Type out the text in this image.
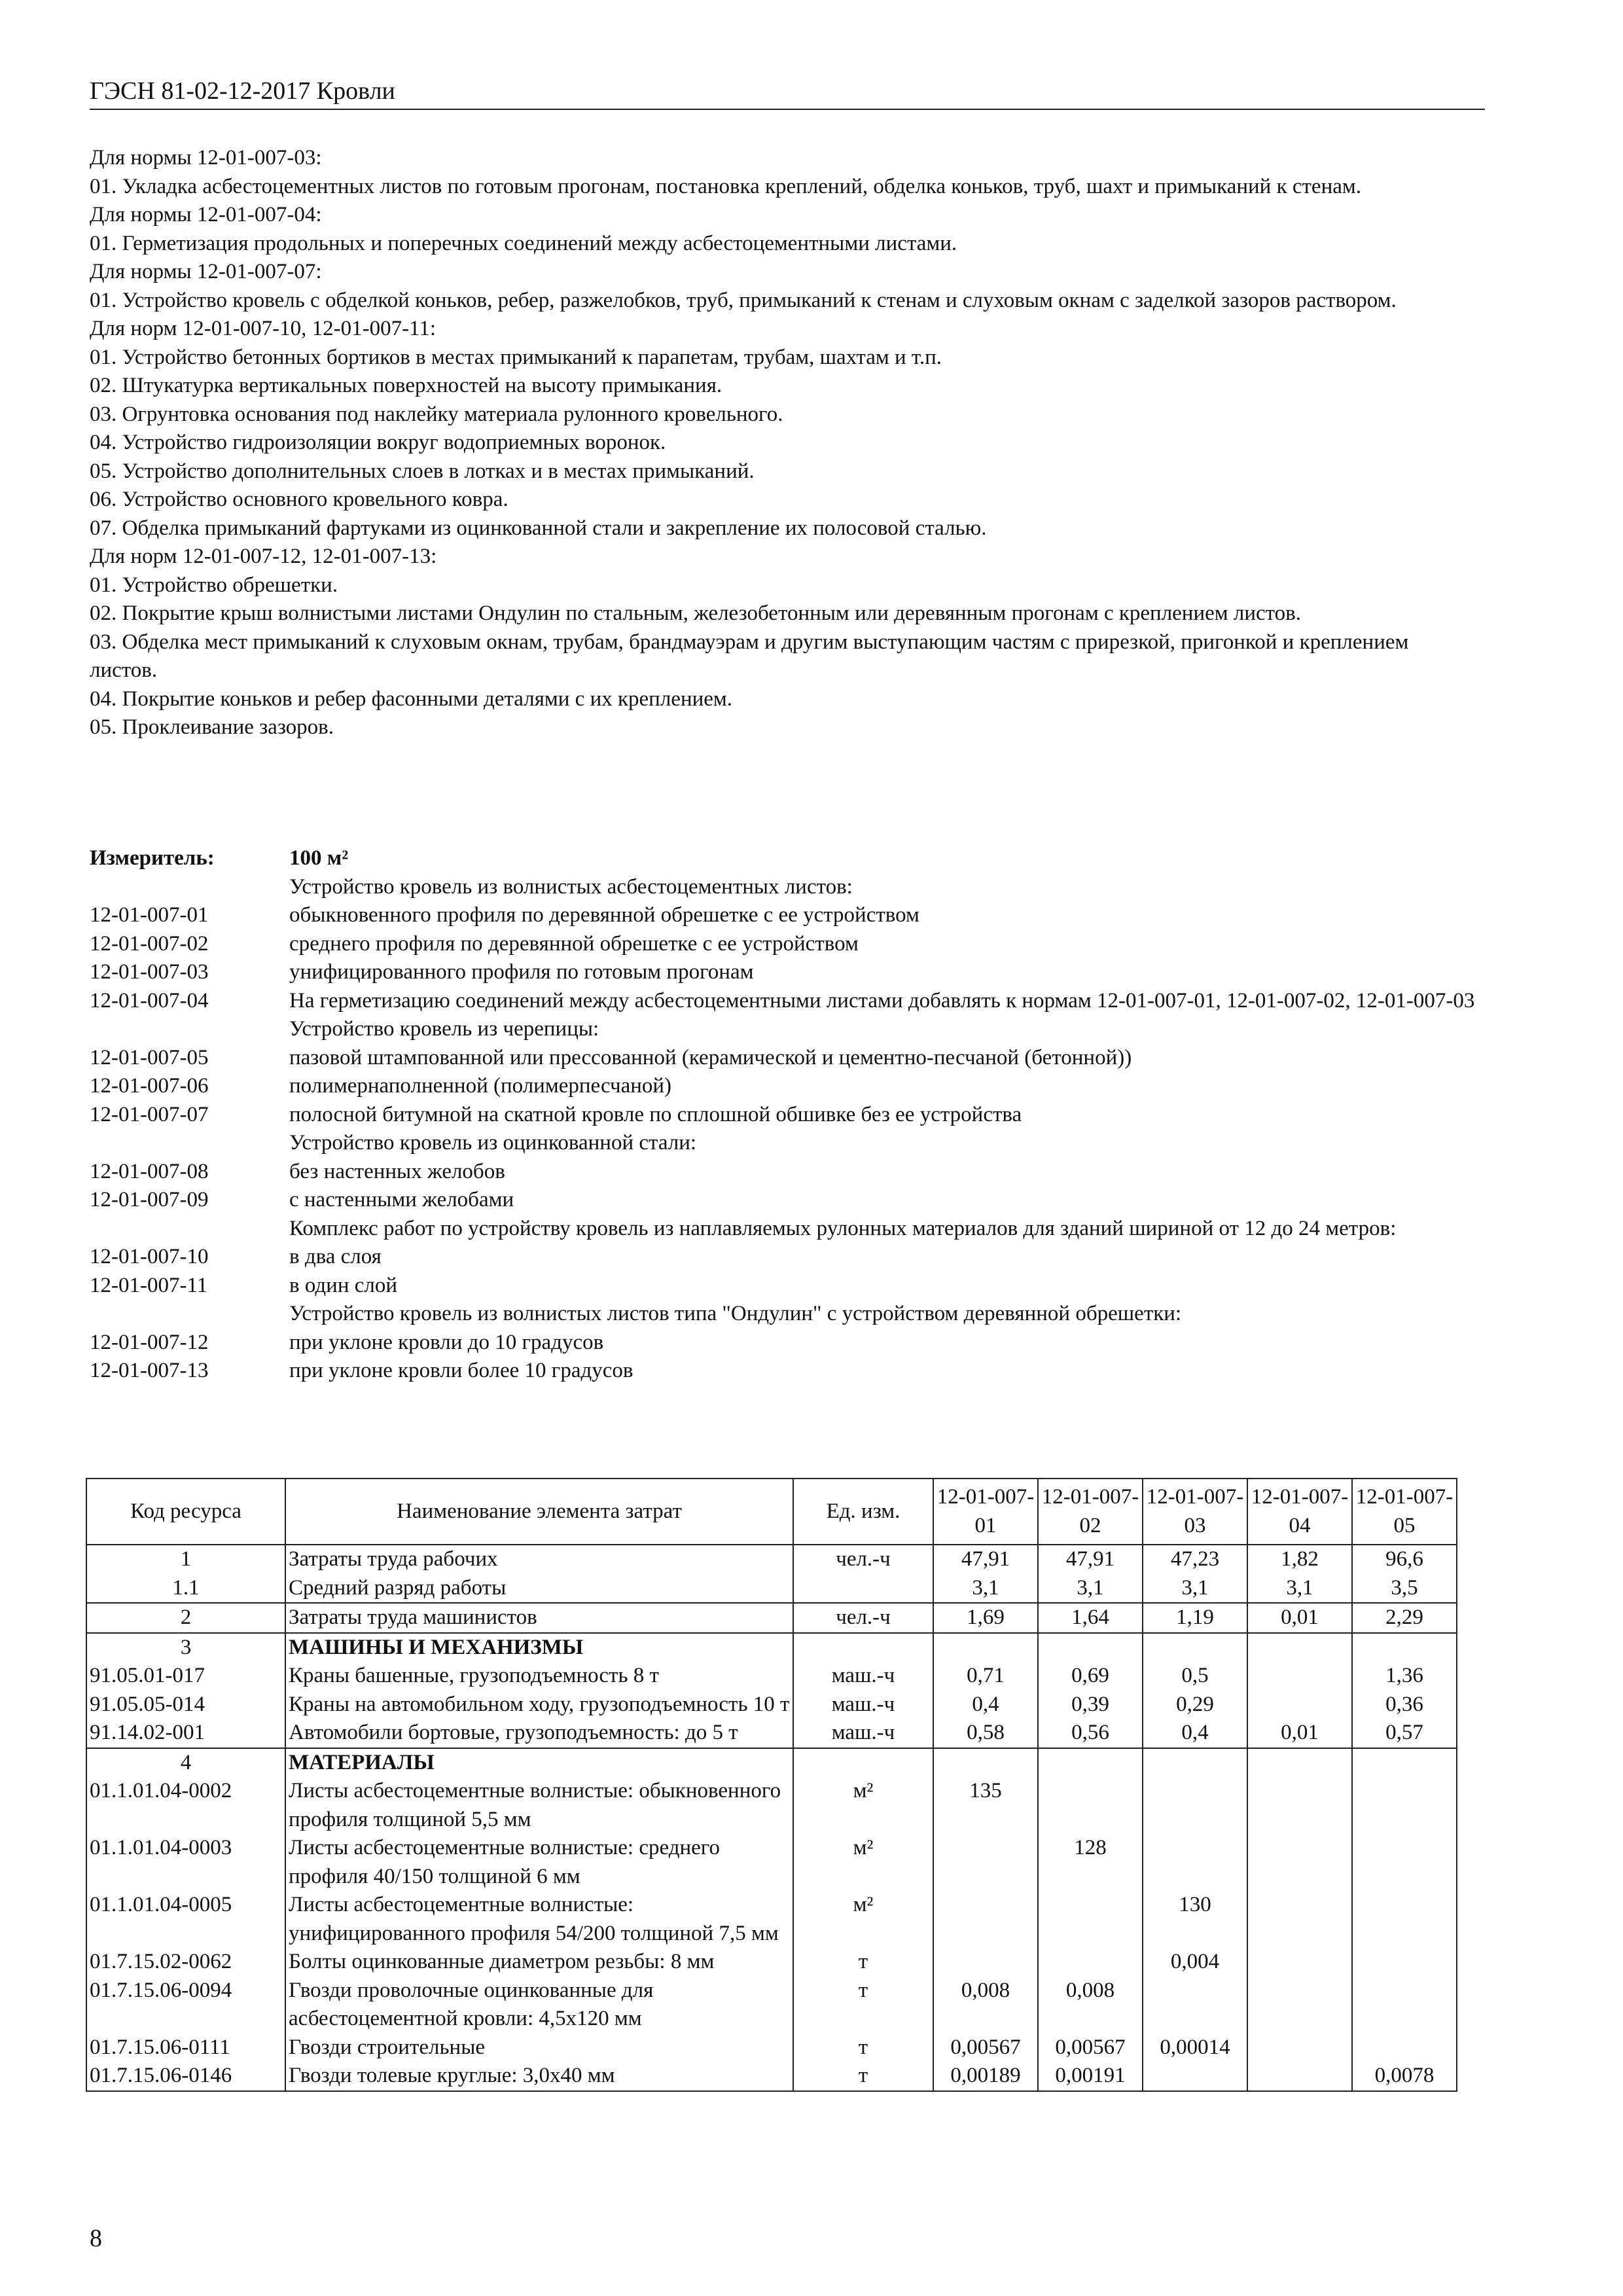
ГЭСН 81-02-12-2017 Кровли
Для нормы 12-01-007-03:
01. Укладка асбестоцементных листов по готовым прогонам, постановка креплений, обделка коньков, труб, шахт и примыканий к стенам.
Для нормы 12-01-007-04:
01. Герметизация продольных и поперечных соединений между асбестоцементными листами.
Для нормы 12-01-007-07:
01. Устройство кровель с обделкой коньков, ребер, разжелобков, труб, примыканий к стенам и слуховым окнам с заделкой зазоров раствором.
Для норм 12-01-007-10, 12-01-007-11:
01. Устройство бетонных бортиков в местах примыканий к парапетам, трубам, шахтам и т.п.
02. Штукатурка вертикальных поверхностей на высоту примыкания.
03. Огрунтовка основания под наклейку материала рулонного кровельного.
04. Устройство гидроизоляции вокруг водоприемных воронок.
05. Устройство дополнительных слоев в лотках и в местах примыканий.
06. Устройство основного кровельного ковра.
07. Обделка примыканий фартуками из оцинкованной стали и закрепление их полосовой сталью.
Для норм 12-01-007-12, 12-01-007-13:
01. Устройство обрешетки.
02. Покрытие крыш волнистыми листами Ондулин по стальным, железобетонным или деревянным прогонам с креплением листов.
03. Обделка мест примыканий к слуховым окнам, трубам, брандмауэрам и другим выступающим частям с прирезкой, пригонкой и креплением листов.
04. Покрытие коньков и ребер фасонными деталями с их креплением.
05. Проклеивание зазоров.
Измеритель:	100 м²
Устройство кровель из волнистых асбестоцементных листов:
12-01-007-01	обыкновенного профиля по деревянной обрешетке с ее устройством
12-01-007-02	среднего профиля по деревянной обрешетке с ее устройством
12-01-007-03	унифицированного профиля по готовым прогонам
12-01-007-04	На герметизацию соединений между асбестоцементными листами добавлять к нормам 12-01-007-01, 12-01-007-02, 12-01-007-03
Устройство кровель из черепицы:
12-01-007-05	пазовой штампованной или прессованной (керамической и цементно-песчаной (бетонной))
12-01-007-06	полимернаполненной (полимерпесчаной)
12-01-007-07	полосной битумной на скатной кровле по сплошной обшивке без ее устройства
Устройство кровель из оцинкованной стали:
12-01-007-08	без настенных желобов
12-01-007-09	с настенными желобами
Комплекс работ по устройству кровель из наплавляемых рулонных материалов для зданий шириной от 12 до 24 метров:
12-01-007-10	в два слоя
12-01-007-11	в один слой
Устройство кровель из волнистых листов типа "Ондулин" с устройством деревянной обрешетки:
12-01-007-12	при уклоне кровли до 10 градусов
12-01-007-13	при уклоне кровли более 10 градусов
Код ресурса	Наименование элемента затрат	Ед. изм.	12-01-007-01	12-01-007-02	12-01-007-03	12-01-007-04	12-01-007-05
1	Затраты труда рабочих	чел.-ч	47,91	47,91	47,23	1,82	96,6
1.1	Средний разряд работы		3,1	3,1	3,1	3,1	3,5
2	Затраты труда машинистов	чел.-ч	1,69	1,64	1,19	0,01	2,29
3	МАШИНЫ И МЕХАНИЗМЫ						
91.05.01-017	Краны башенные, грузоподъемность 8 т	маш.-ч	0,71	0,69	0,5		1,36
91.05.05-014	Краны на автомобильном ходу, грузоподъемность 10 т	маш.-ч	0,4	0,39	0,29		0,36
91.14.02-001	Автомобили бортовые, грузоподъемность: до 5 т	маш.-ч	0,58	0,56	0,4	0,01	0,57
4	МАТЕРИАЛЫ						
01.1.01.04-0002	Листы асбестоцементные волнистые: обыкновенного профиля толщиной 5,5 мм	м²	135				
01.1.01.04-0003	Листы асбестоцементные волнистые: среднего профиля 40/150 толщиной 6 мм	м²		128			
01.1.01.04-0005	Листы асбестоцементные волнистые: унифицированного профиля 54/200 толщиной 7,5 мм	м²			130		
01.7.15.02-0062	Болты оцинкованные диаметром резьбы: 8 мм	т			0,004		
01.7.15.06-0094	Гвозди проволочные оцинкованные для асбестоцементной кровли: 4,5х120 мм	т	0,008	0,008			
01.7.15.06-0111	Гвозди строительные	т	0,00567	0,00567	0,00014		
01.7.15.06-0146	Гвозди толевые круглые: 3,0х40 мм	т	0,00189	0,00191			0,0078
8
